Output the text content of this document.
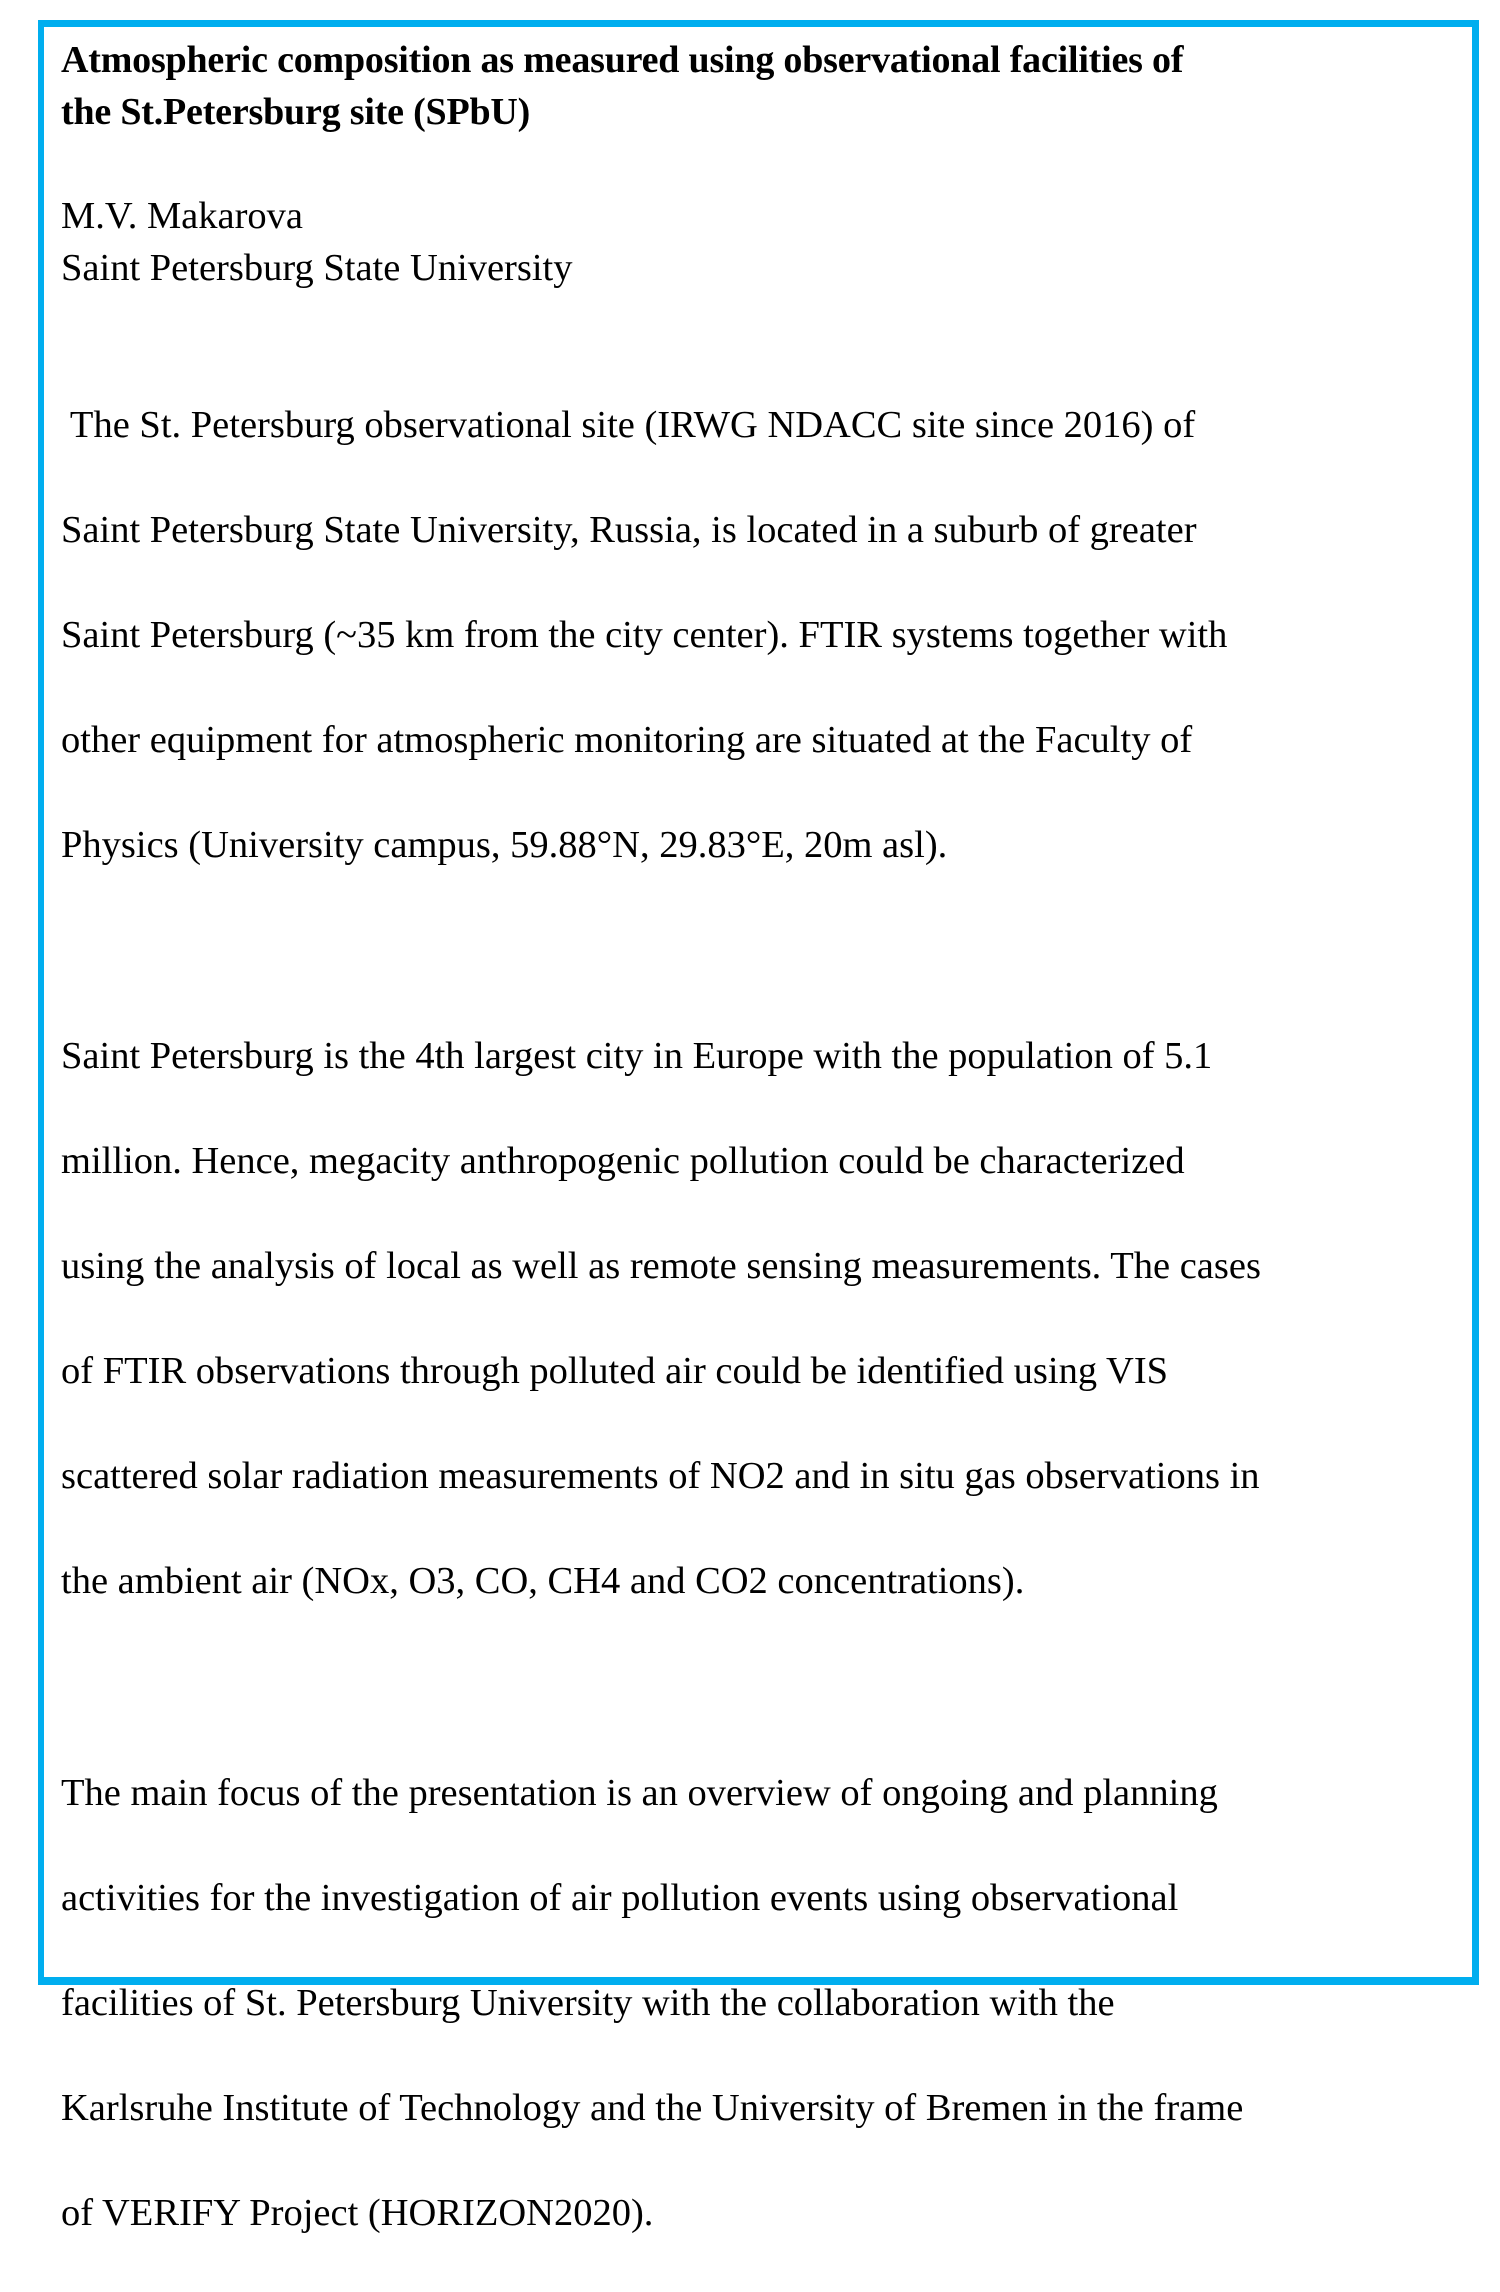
Atmospheric composition as measured using observational facilities of
the St.Petersburg site (SPbU)
M.V. Makarova
Saint Petersburg State University

The St. Petersburg observational site (IRWG NDACC site since 2016) of

Saint Petersburg State University, Russia, is located in a suburb of greater

Saint Petersburg (~35 km from the city center). FTIR systems together with

other equipment for atmospheric monitoring are situated at the Faculty of

Physics (University campus, 59.88°N, 29.83°E, 20m asl).

Saint Petersburg is the 4th largest city in Europe with the population of 5.1

million. Hence, megacity anthropogenic pollution could be characterized

using the analysis of local as well as remote sensing measurements. The cases

of FTIR observations through polluted air could be identified using VIS

scattered solar radiation measurements of NO2 and in situ gas observations in

the ambient air (NOx, O3, CO, CH4 and CO2 concentrations).

The main focus of the presentation is an overview of ongoing and planning

activities for the investigation of air pollution events using observational

facilities of St. Petersburg University with the collaboration with the

Karlsruhe Institute of Technology and the University of Bremen in the frame

of VERIFY Project (HORIZON2020).
